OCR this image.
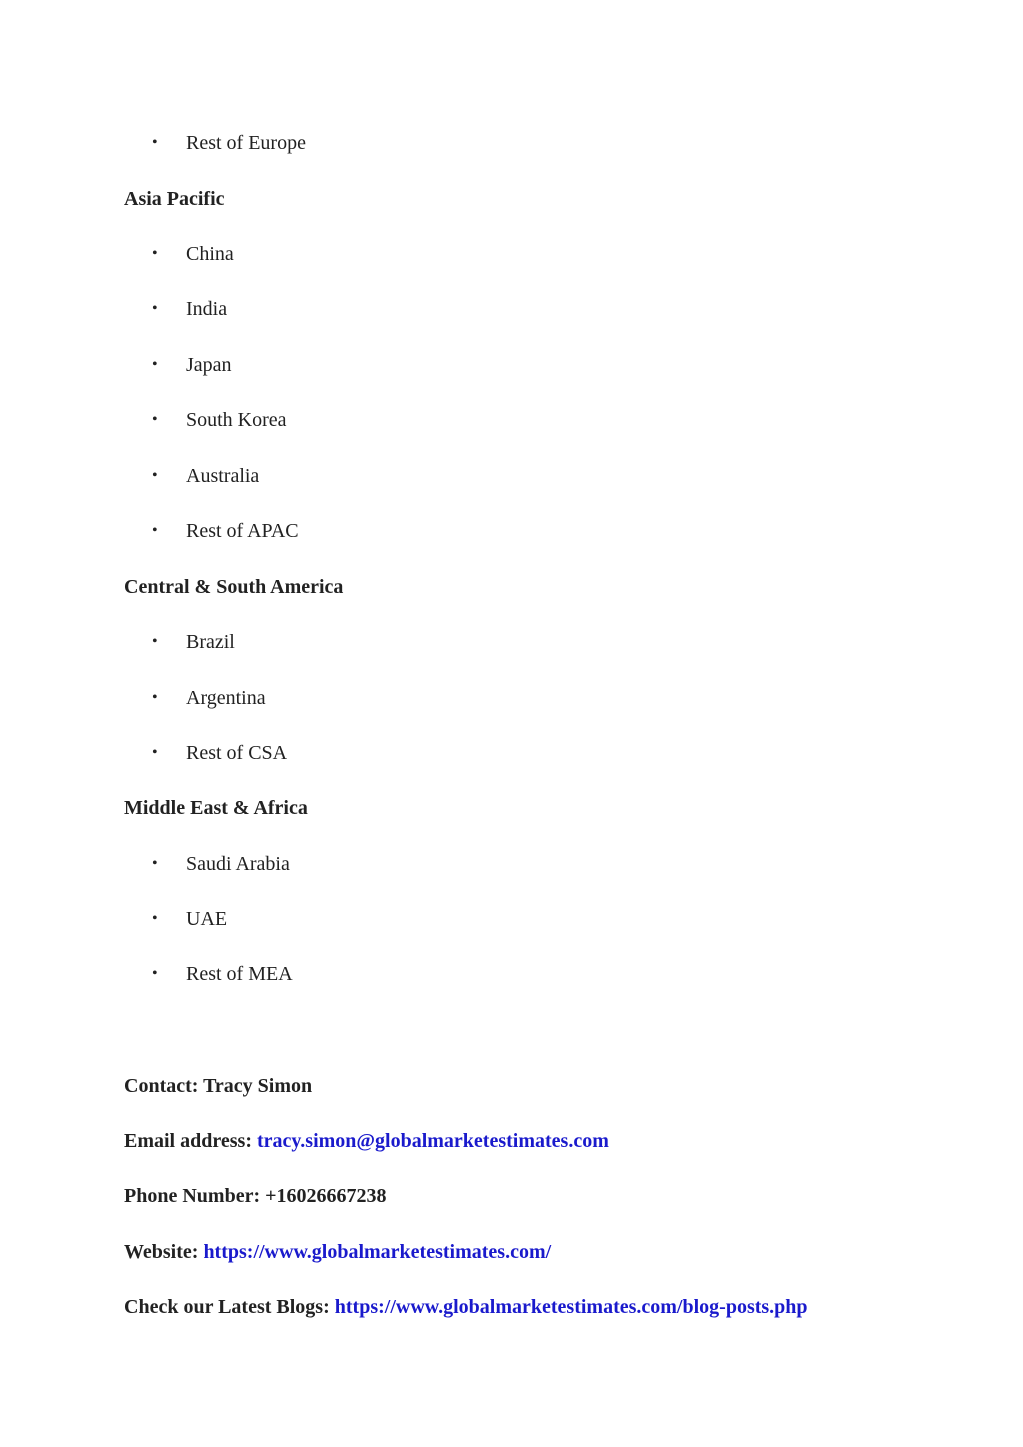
• Rest of Europe
Asia Pacific
• China
• India
• Japan
• South Korea
• Australia
• Rest of APAC
Central & South America
• Brazil
• Argentina
• Rest of CSA
Middle East & Africa
• Saudi Arabia
• UAE
• Rest of MEA
Contact: Tracy Simon
Email address: tracy.simon@globalmarketestimates.com
Phone Number: +16026667238
Website: https://www.globalmarketestimates.com/
Check our Latest Blogs: https://www.globalmarketestimates.com/blog-posts.php
